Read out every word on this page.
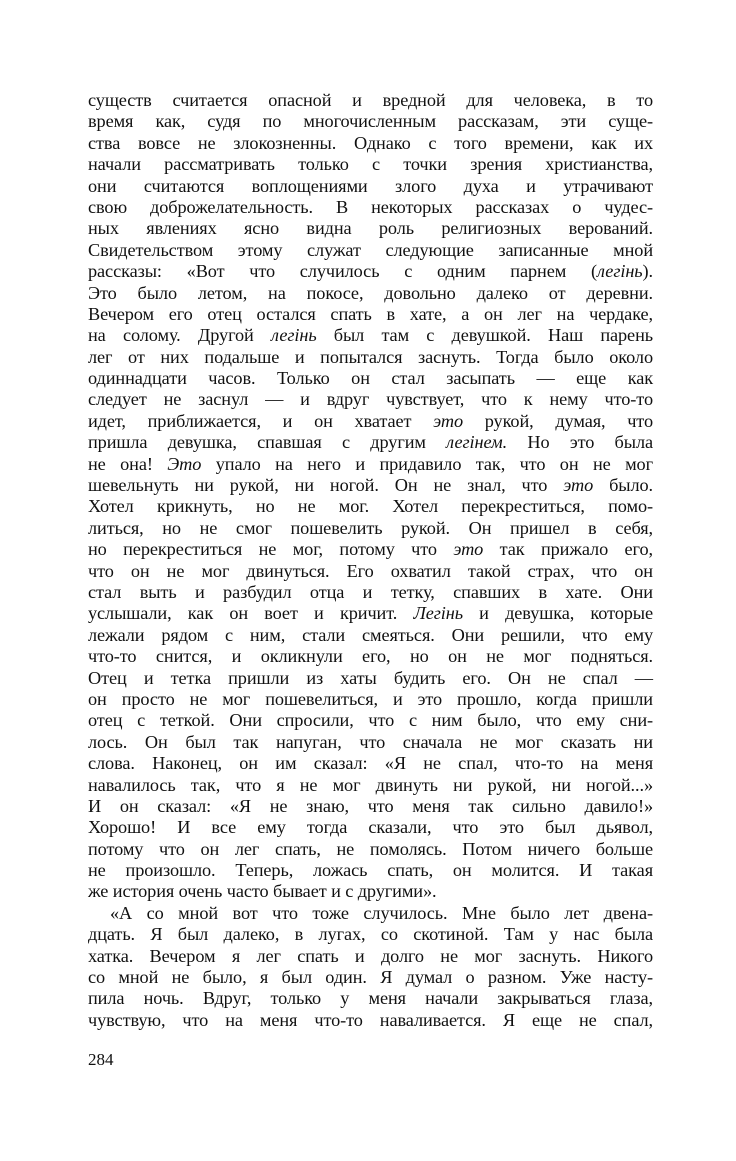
существ считается опасной и вредной для человека, в то
время как, судя по многочисленным рассказам, эти суще-
ства вовсе не злокозненны. Однако с того времени, как их
начали рассматривать только с точки зрения христианства,
они считаются воплощениями злого духа и утрачивают
свою доброжелательность. В некоторых рассказах о чудес-
ных явлениях ясно видна роль религиозных верований.
Свидетельством этому служат следующие записанные мной
рассказы: «Вот что случилось с одним парнем (легінь).
Это было летом, на покосе, довольно далеко от деревни.
Вечером его отец остался спать в хате, а он лег на чердаке,
на солому. Другой легінь был там с девушкой. Наш парень
лег от них подальше и попытался заснуть. Тогда было около
одиннадцати часов. Только он стал засыпать — еще как
следует не заснул — и вдруг чувствует, что к нему что-то
идет, приближается, и он хватает это рукой, думая, что
пришла девушка, спавшая с другим легінем. Но это была
не она! Это упало на него и придавило так, что он не мог
шевельнуть ни рукой, ни ногой. Он не знал, что это было.
Хотел крикнуть, но не мог. Хотел перекреститься, помо-
литься, но не смог пошевелить рукой. Он пришел в себя,
но перекреститься не мог, потому что это так прижало его,
что он не мог двинуться. Его охватил такой страх, что он
стал выть и разбудил отца и тетку, спавших в хате. Они
услышали, как он воет и кричит. Легінь и девушка, которые
лежали рядом с ним, стали смеяться. Они решили, что ему
что-то снится, и окликнули его, но он не мог подняться.
Отец и тетка пришли из хаты будить его. Он не спал —
он просто не мог пошевелиться, и это прошло, когда пришли
отец с теткой. Они спросили, что с ним было, что ему сни-
лось. Он был так напуган, что сначала не мог сказать ни
слова. Наконец, он им сказал: «Я не спал, что-то на меня
навалилось так, что я не мог двинуть ни рукой, ни ногой...»
И он сказал: «Я не знаю, что меня так сильно давило!»
Хорошо! И все ему тогда сказали, что это был дьявол,
потому что он лег спать, не помолясь. Потом ничего больше
не произошло. Теперь, ложась спать, он молится. И такая
же история очень часто бывает и с другими».
«А со мной вот что тоже случилось. Мне было лет двена-
дцать. Я был далеко, в лугах, со скотиной. Там у нас была
хатка. Вечером я лег спать и долго не мог заснуть. Никого
со мной не было, я был один. Я думал о разном. Уже насту-
пила ночь. Вдруг, только у меня начали закрываться глаза,
чувствую, что на меня что-то наваливается. Я еще не спал,
284
